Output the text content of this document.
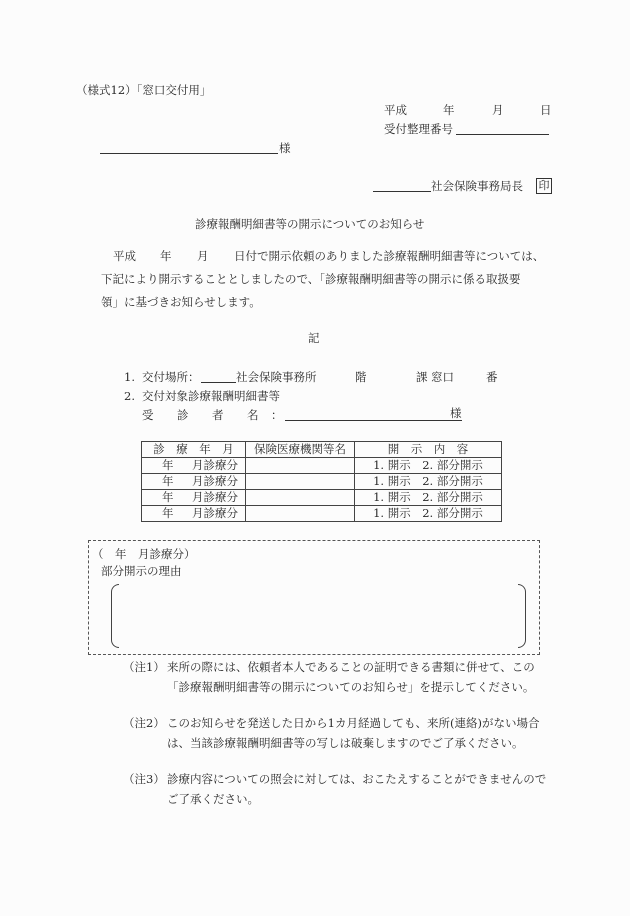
（様式12）「窓口交付用」
平成	年	月	日
受付整理番号
様
社会保険事務局長 印
診療報酬明細書等の開示についてのお知らせ
平成 年 月 日付で開示依頼のありました診療報酬明細書等については、
下記により開示することとしましたので、「診療報酬明細書等の開示に係る取扱要
領」に基づきお知らせします。
記
1. 交付場所：	社会保険事務所	階	課 窓口	番
2. 交付対象診療報酬明細書等
受 診 者 名 ：	様
診　療　年　月	保険医療機関等名	開　示　内　容
年 月診療分		1. 開示　2. 部分開示
年 月診療分		1. 開示　2. 部分開示
年 月診療分		1. 開示　2. 部分開示
年 月診療分		1. 開示　2. 部分開示
（　年　月診療分）
部分開示の理由
（注1） 来所の際には、依頼者本人であることの証明できる書類に併せて、この「診療報酬明細書等の開示についてのお知らせ」を提示してください。
（注2） このお知らせを発送した日から1カ月経過しても、来所(連絡)がない場合は、当該診療報酬明細書等の写しは破棄しますのでご了承ください。
（注3） 診療内容についての照会に対しては、おこたえすることができませんのでご了承ください。
